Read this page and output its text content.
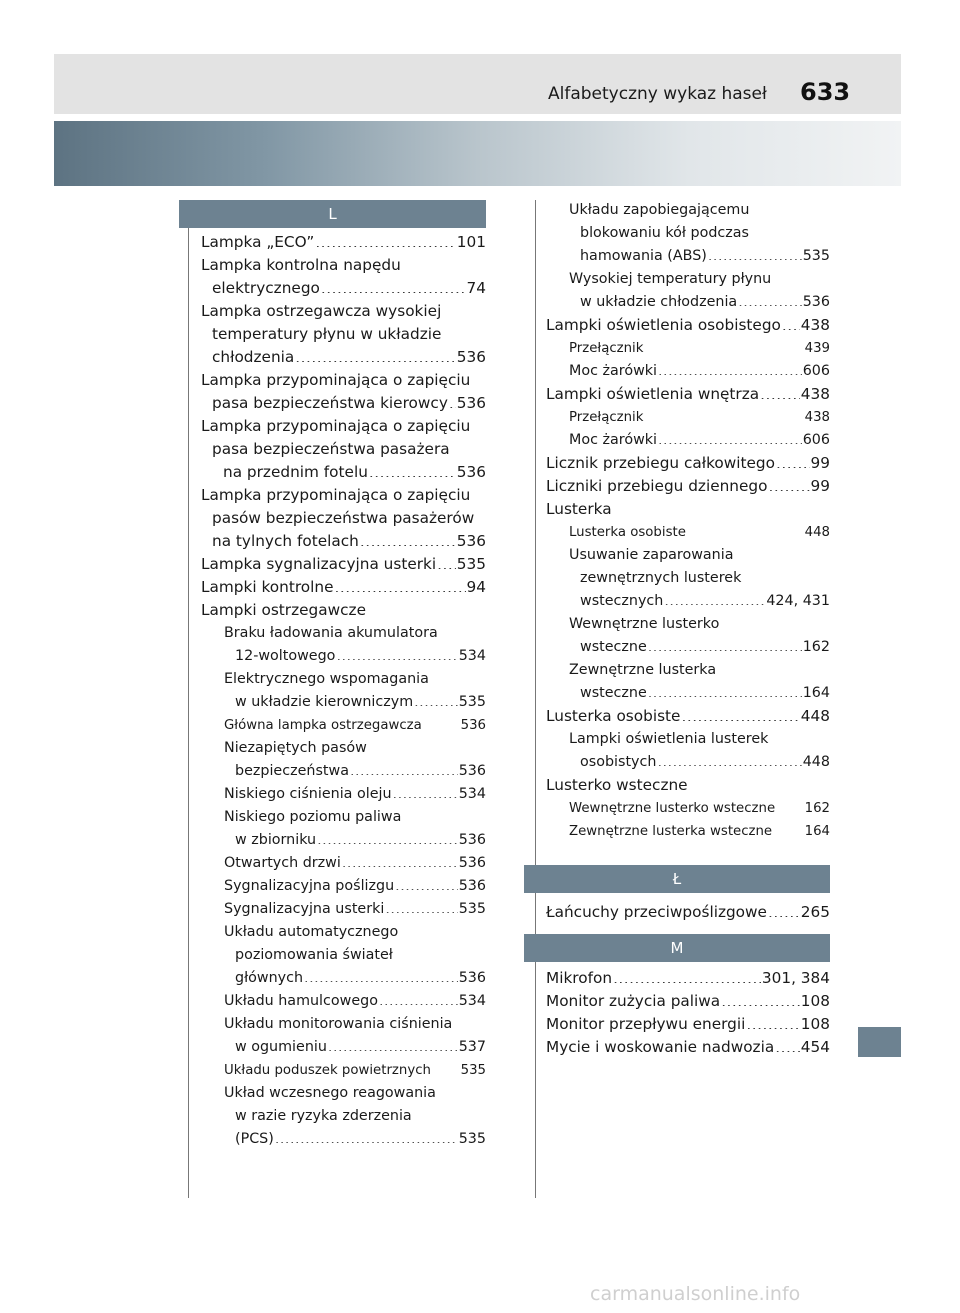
Alfabetyczny wykaz haseł 633
L
Lampka „ECO” .....	101
Lampka kontrolna napędu
elektrycznego .....	74
Lampka ostrzegawcza wysokiej
temperatury płynu w układzie
chłodzenia .....	536
Lampka przypominająca o zapięciu
pasa bezpieczeństwa kierowcy ..... 536
Lampka przypominająca o zapięciu
pasa bezpieczeństwa pasażera
na przednim fotelu .....	536
Lampka przypominająca o zapięciu
pasów bezpieczeństwa pasażerów
na tylnych fotelach .....	536
Lampka sygnalizacyjna usterki ..... 535
Lampki kontrolne .....	94
Lampki ostrzegawcze
Braku ładowania akumulatora
12-woltowego .....	534
Elektrycznego wspomagania
w układzie kierowniczym .....	535
Główna lampka ostrzegawcza .....	536
Niezapiętych pasów
bezpieczeństwa .....	536
Niskiego ciśnienia oleju .....	534
Niskiego poziomu paliwa
w zbiorniku .....	536
Otwartych drzwi .....	536
Sygnalizacyjna poślizgu .....	536
Sygnalizacyjna usterki .....	535
Układu automatycznego
poziomowania świateł
głównych .....	536
Układu hamulcowego .....	534
Układu monitorowania ciśnienia
w ogumieniu .....	537
Układu poduszek powietrznych ..... 535
Układ wczesnego reagowania
w razie ryzyka zderzenia
(PCS) .....	535
Układu zapobiegającemu
blokowaniu kół podczas
hamowania (ABS) .....	535
Wysokiej temperatury płynu
w układzie chłodzenia .....	536
Lampki oświetlenia osobistego ..... 438
Przełącznik .....	439
Moc żarówki .....	606
Lampki oświetlenia wnętrza .....	438
Przełącznik .....	438
Moc żarówki .....	606
Licznik przebiegu całkowitego ..... 99
Liczniki przebiegu dziennego .....	99
Lusterka
Lusterka osobiste .....	448
Usuwanie zaparowania
zewnętrznych lusterek
wstecznych .....	424, 431
Wewnętrzne lusterko
wsteczne .....	162
Zewnętrzne lusterka
wsteczne .....	164
Lusterka osobiste .....	448
Lampki oświetlenia lusterek
osobistych .....	448
Lusterko wsteczne
Wewnętrzne lusterko wsteczne ..... 162
Zewnętrzne lusterka wsteczne ..... 164
Ł
Łańcuchy przeciwpoślizgowe ..... 265
M
Mikrofon .....	301, 384
Monitor zużycia paliwa .....	108
Monitor przepływu energii .....	108
Mycie i woskowanie nadwozia ..... 454
carmanualsonline.info
